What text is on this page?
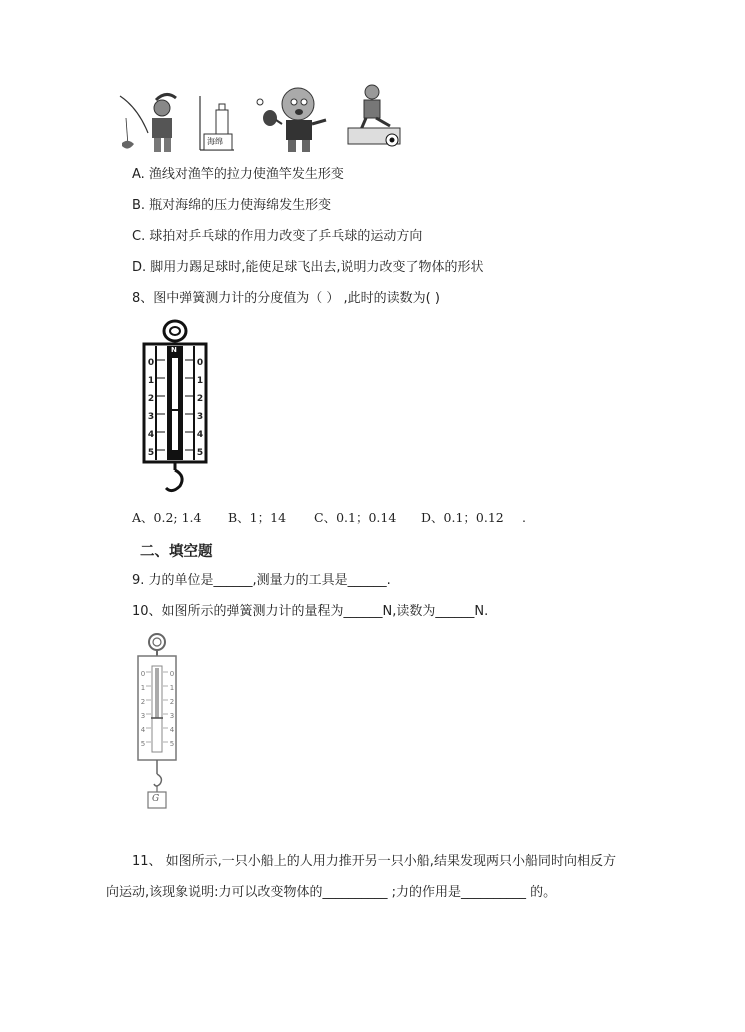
海绵
A. 渔线对渔竿的拉力使渔竿发生形变
B. 瓶对海绵的压力使海绵发生形变
C. 球拍对乒乓球的作用力改变了乒乓球的运动方向
D. 脚用力踢足球时,能使足球飞出去,说明力改变了物体的形状
8、图中弹簧测力计的分度值为（ ） ,此时的读数为( )
0
1
2
3
4
5
0
1
2
3
4
5
N
A、0.2; 1.4 B、1；14 C、0.1；0.14 D、0.1；0.12 .
二、填空题
9. 力的单位是______,测量力的工具是______.
10、如图所示的弹簧测力计的量程为______N,读数为______N.
0
1
2
3
4
5
0
1
2
3
4
5
G
11、 如图所示,一只小船上的人用力推开另一只小船,结果发现两只小船同时向相反方
向运动,该现象说明:力可以改变物体的__________ ;力的作用是__________ 的。
